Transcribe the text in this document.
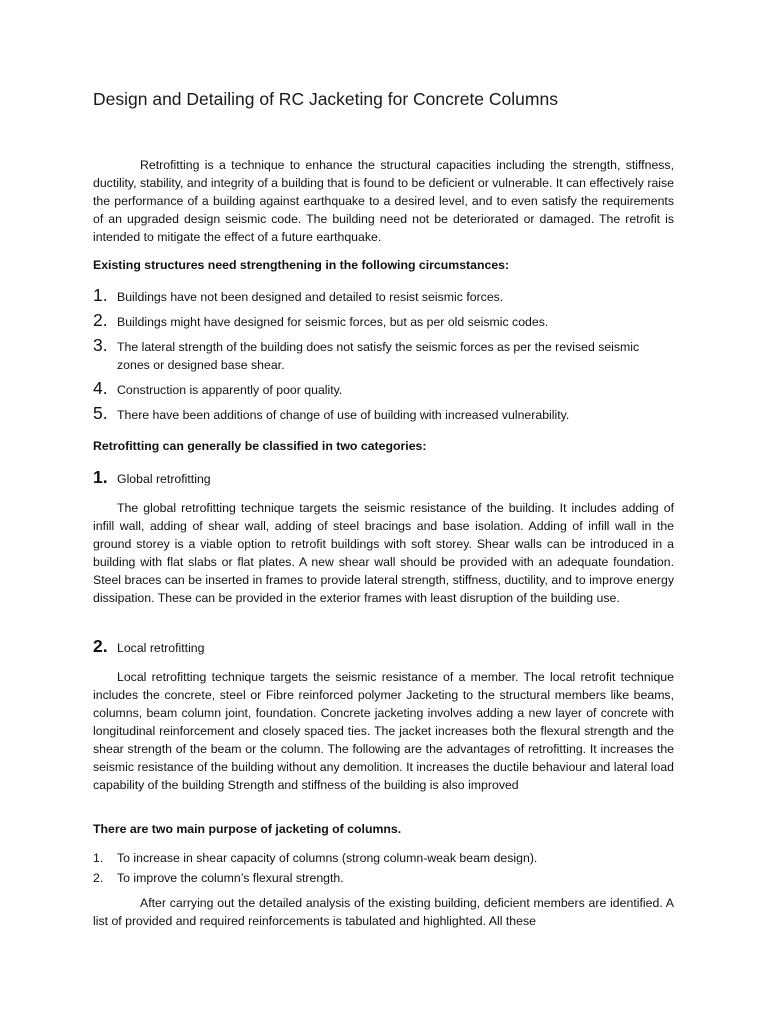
Design and Detailing of RC Jacketing for Concrete Columns

Retrofitting is a technique to enhance the structural capacities including the strength, stiffness, ductility, stability, and integrity of a building that is found to be deficient or vulnerable. It can effectively raise the performance of a building against earthquake to a desired level, and to even satisfy the requirements of an upgraded design seismic code. The building need not be deteriorated or damaged. The retrofit is intended to mitigate the effect of a future earthquake.

Existing structures need strengthening in the following circumstances:

1. Buildings have not been designed and detailed to resist seismic forces.
2. Buildings might have designed for seismic forces, but as per old seismic codes.
3. The lateral strength of the building does not satisfy the seismic forces as per the revised seismic zones or designed base shear.
4. Construction is apparently of poor quality.
5. There have been additions of change of use of building with increased vulnerability.

Retrofitting can generally be classified in two categories:

1. Global retrofitting

The global retrofitting technique targets the seismic resistance of the building. It includes adding of infill wall, adding of shear wall, adding of steel bracings and base isolation. Adding of infill wall in the ground storey is a viable option to retrofit buildings with soft storey. Shear walls can be introduced in a building with flat slabs or flat plates. A new shear wall should be provided with an adequate foundation. Steel braces can be inserted in frames to provide lateral strength, stiffness, ductility, and to improve energy dissipation. These can be provided in the exterior frames with least disruption of the building use.

2. Local retrofitting

Local retrofitting technique targets the seismic resistance of a member. The local retrofit technique includes the concrete, steel or Fibre reinforced polymer Jacketing to the structural members like beams, columns, beam column joint, foundation. Concrete jacketing involves adding a new layer of concrete with longitudinal reinforcement and closely spaced ties. The jacket increases both the flexural strength and the shear strength of the beam or the column. The following are the advantages of retrofitting. It increases the seismic resistance of the building without any demolition. It increases the ductile behaviour and lateral load capability of the building Strength and stiffness of the building is also improved

There are two main purpose of jacketing of columns.

1. To increase in shear capacity of columns (strong column-weak beam design).
2. To improve the column’s flexural strength.

After carrying out the detailed analysis of the existing building, deficient members are identified. A list of provided and required reinforcements is tabulated and highlighted. All these
